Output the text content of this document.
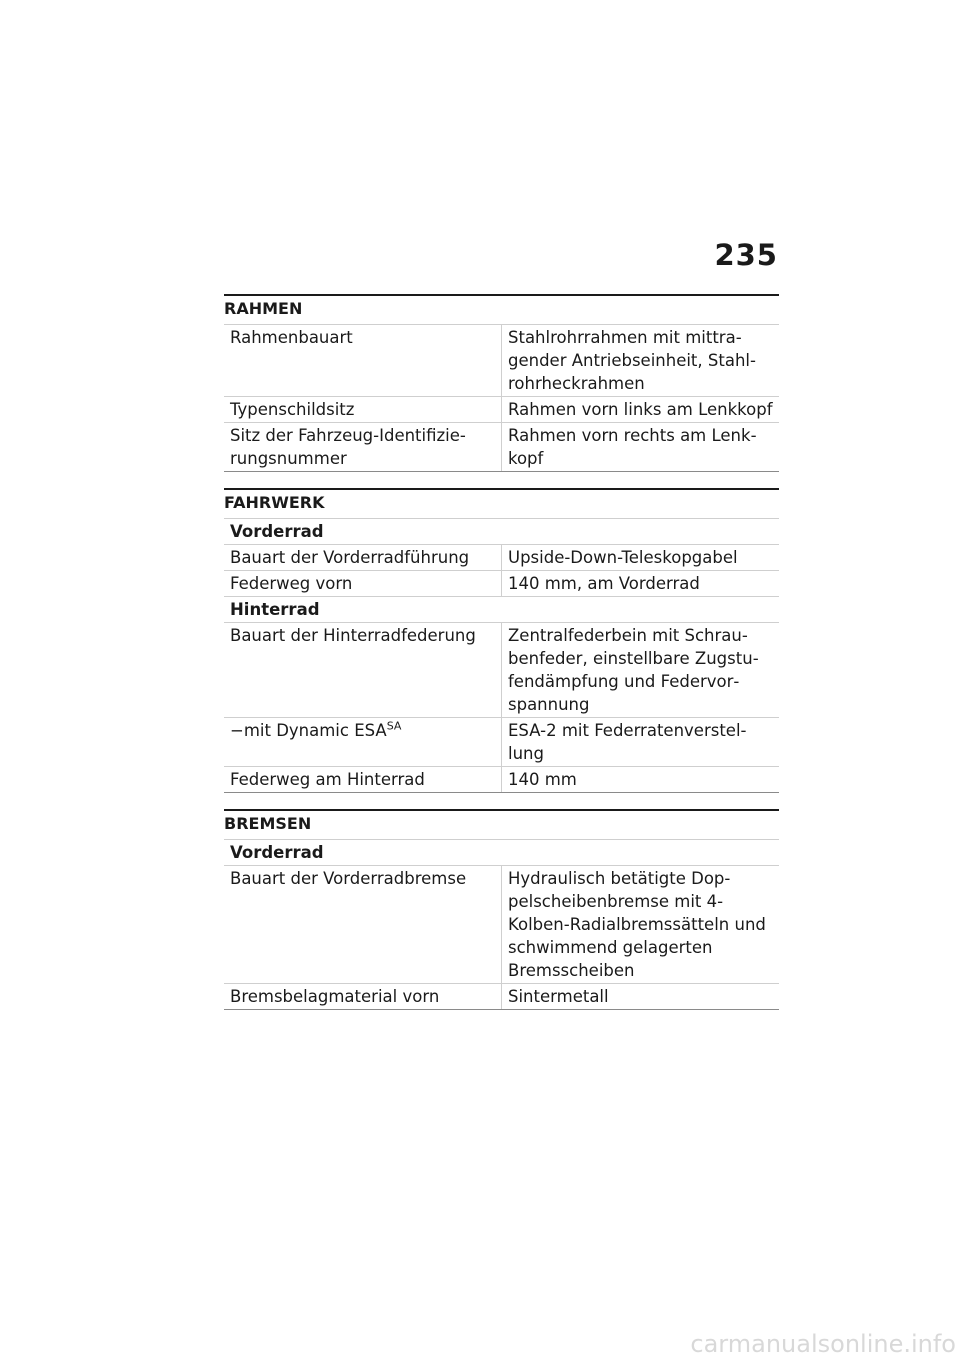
235
RAHMEN
Rahmenbauart	Stahlrohrrahmen mit mittragender Antriebseinheit, Stahlrohrheckrahmen
Typenschildsitz	Rahmen vorn links am Lenkkopf
Sitz der Fahrzeug-Identifizierungsnummer	Rahmen vorn rechts am Lenkkopf
FAHRWERK
Vorderrad	
Bauart der Vorderradführung	Upside-Down-Teleskopgabel
Federweg vorn	140 mm, am Vorderrad
Hinterrad	
Bauart der Hinterradfederung	Zentralfederbein mit Schraubenfeder, einstellbare Zugstufendämpfung und Federvorspannung
−mit Dynamic $ESA^{SA}$	ESA-2 mit Federratenverstellung
Federweg am Hinterrad	140 mm
BREMSEN
Vorderrad	
Bauart der Vorderradbremse	Hydraulisch betätigte Doppelscheibenbremse mit 4-Kolben-Radialbremssätteln und schwimmend gelagerten Bremsscheiben
Bremsbelagmaterial vorn	Sintermetall
carmanualsonline.info
